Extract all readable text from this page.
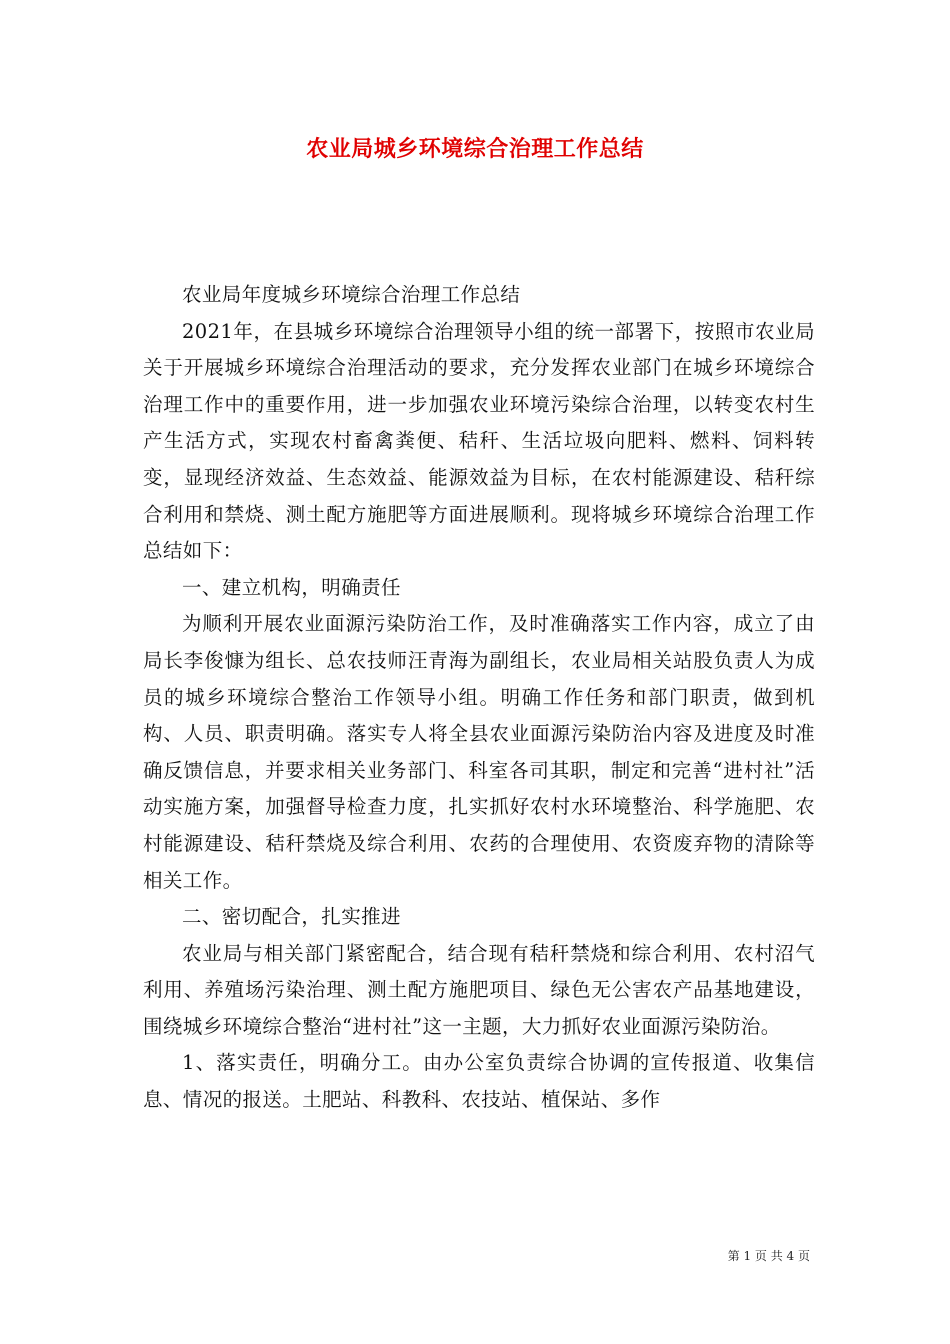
农业局城乡环境综合治理工作总结

农业局年度城乡环境综合治理工作总结

2021年，在县城乡环境综合治理领导小组的统一部署下，按照市农业局关于开展城乡环境综合治理活动的要求，充分发挥农业部门在城乡环境综合治理工作中的重要作用，进一步加强农业环境污染综合治理，以转变农村生产生活方式，实现农村畜禽粪便、秸秆、生活垃圾向肥料、燃料、饲料转变，显现经济效益、生态效益、能源效益为目标，在农村能源建设、秸秆综合利用和禁烧、测土配方施肥等方面进展顺利。现将城乡环境综合治理工作总结如下：

一、建立机构，明确责任

为顺利开展农业面源污染防治工作，及时准确落实工作内容，成立了由局长李俊慷为组长、总农技师汪青海为副组长，农业局相关站股负责人为成员的城乡环境综合整治工作领导小组。明确工作任务和部门职责，做到机构、人员、职责明确。落实专人将全县农业面源污染防治内容及进度及时准确反馈信息，并要求相关业务部门、科室各司其职，制定和完善“进村社”活动实施方案，加强督导检查力度，扎实抓好农村水环境整治、科学施肥、农村能源建设、秸秆禁烧及综合利用、农药的合理使用、农资废弃物的清除等相关工作。

二、密切配合，扎实推进

农业局与相关部门紧密配合，结合现有秸秆禁烧和综合利用、农村沼气利用、养殖场污染治理、测土配方施肥项目、绿色无公害农产品基地建设，围绕城乡环境综合整治“进村社”这一主题，大力抓好农业面源污染防治。

1、落实责任，明确分工。由办公室负责综合协调的宣传报道、收集信息、情况的报送。土肥站、科教科、农技站、植保站、多作

第 1 页 共 4 页
